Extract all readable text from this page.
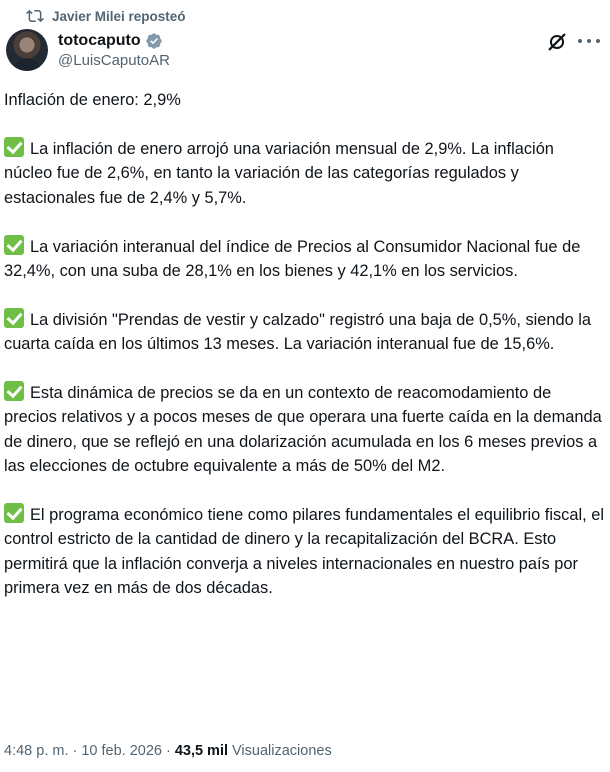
Javier Milei reposteó
totocaputo
@LuisCaputoAR

Inflación de enero: 2,9%

La inflación de enero arrojó una variación mensual de 2,9%. La inflación núcleo fue de 2,6%, en tanto la variación de las categorías regulados y estacionales fue de 2,4% y 5,7%.

La variación interanual del índice de Precios al Consumidor Nacional fue de 32,4%, con una suba de 28,1% en los bienes y 42,1% en los servicios.

La división "Prendas de vestir y calzado" registró una baja de 0,5%, siendo la cuarta caída en los últimos 13 meses. La variación interanual fue de 15,6%.

Esta dinámica de precios se da en un contexto de reacomodamiento de precios relativos y a pocos meses de que operara una fuerte caída en la demanda de dinero, que se reflejó en una dolarización acumulada en los 6 meses previos a las elecciones de octubre equivalente a más de 50% del M2.

El programa económico tiene como pilares fundamentales el equilibrio fiscal, el control estricto de la cantidad de dinero y la recapitalización del BCRA. Esto permitirá que la inflación converja a niveles internacionales en nuestro país por primera vez en más de dos décadas.

4:48 p. m. · 10 feb. 2026 · 43,5 mil Visualizaciones
